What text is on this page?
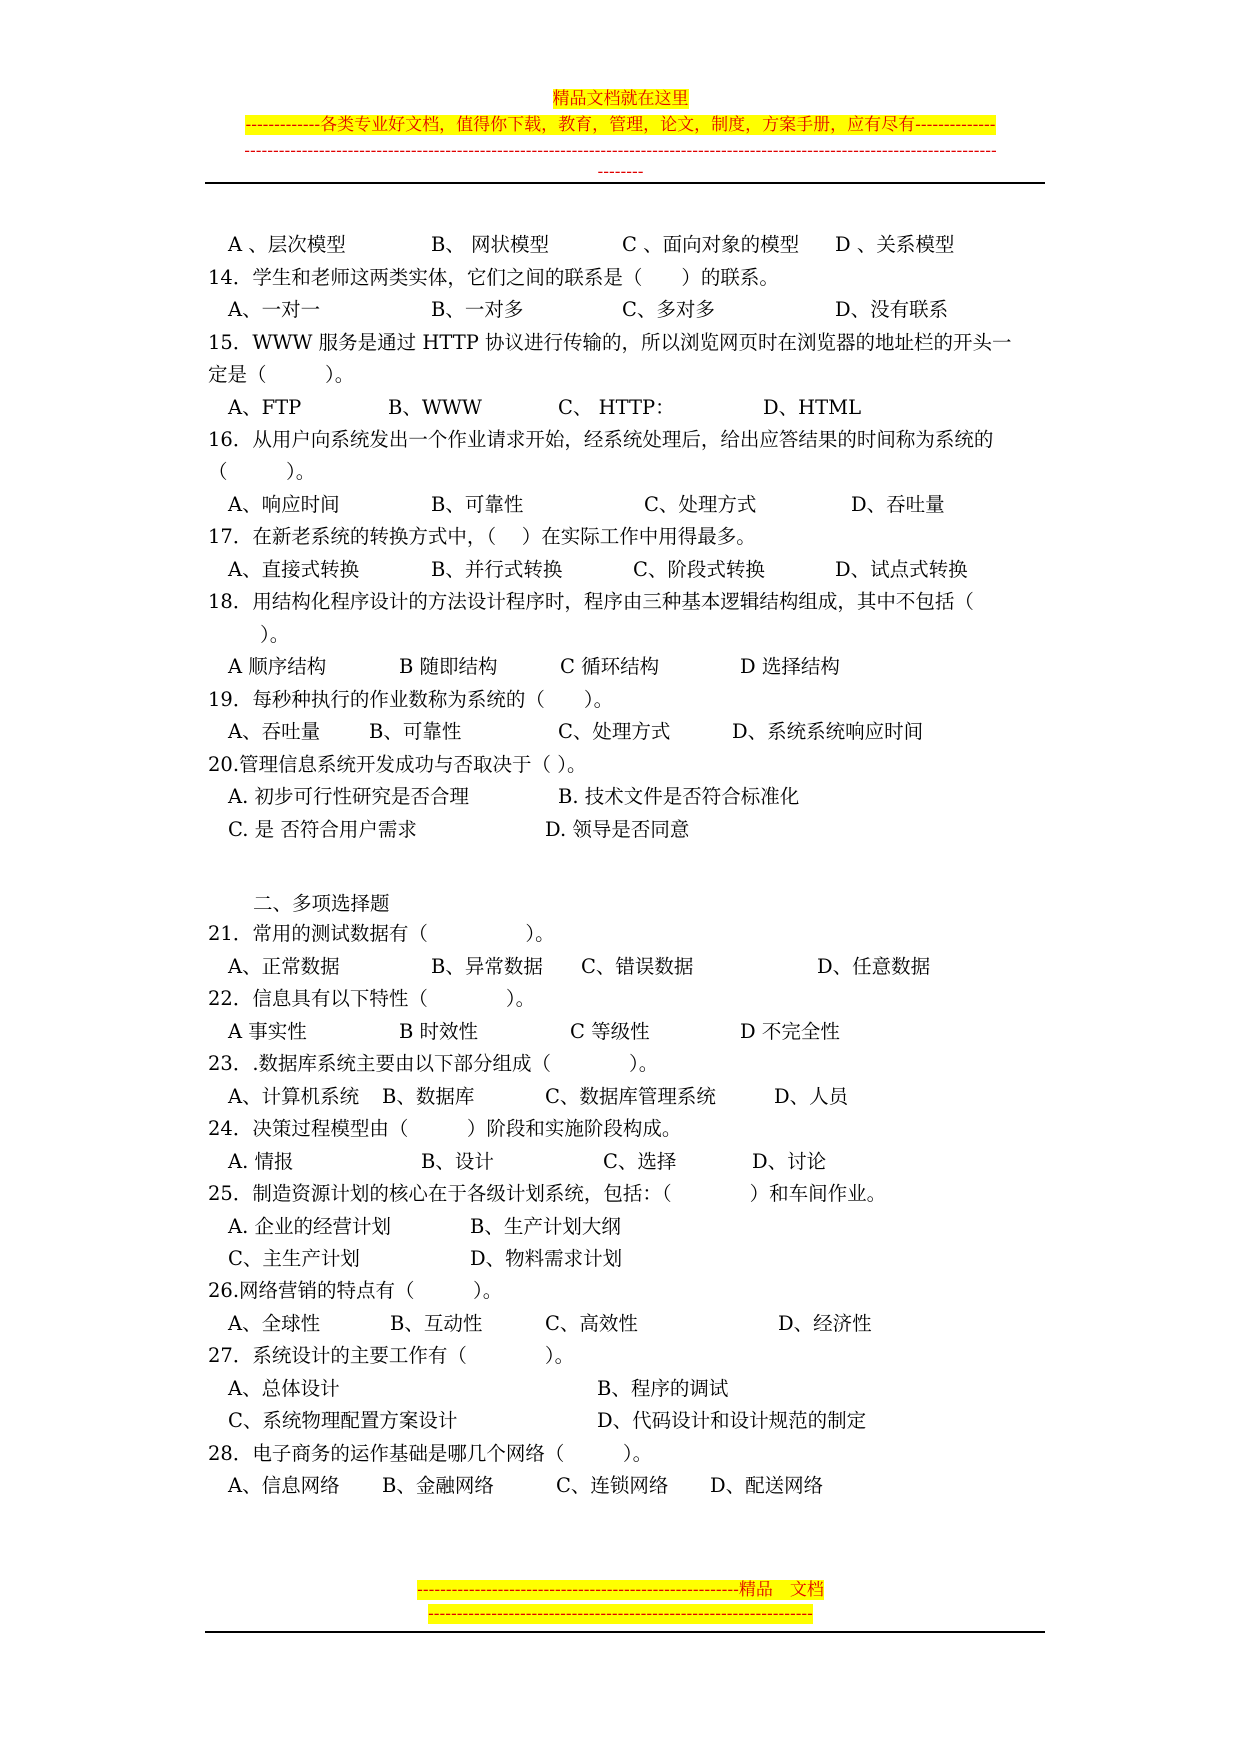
精品文档就在这里
-------------各类专业好文档，值得你下载，教育，管理，论文，制度，方案手册，应有尽有--------------
-----------------------------------------------------------------------------------------------------------------------------------
--------
A 、层次模型	B、 网状模型	C 、面向对象的模型 D 、关系模型
14．学生和老师这两类实体，它们之间的联系是（　　）的联系。
A、一对一	B、一对多	C、多对多	D、没有联系
15．WWW 服务是通过 HTTP 协议进行传输的，所以浏览网页时在浏览器的地址栏的开头一
定是（　　　）。
A、FTP	B、WWW	C、 HTTP：	D、HTML
16．从用户向系统发出一个作业请求开始，经系统处理后，给出应答结果的时间称为系统的
（　　　）。
A、响应时间	B、可靠性	C、处理方式	D、吞吐量
17．在新老系统的转换方式中，（　 ）在实际工作中用得最多。
A、直接式转换	B、并行式转换	C、阶段式转换	D、试点式转换
18．用结构化程序设计的方法设计程序时，程序由三种基本逻辑结构组成，其中不包括（
）。
A 顺序结构	B 随即结构	C 循环结构	D 选择结构
19．每秒种执行的作业数称为系统的（　　）。
A、吞吐量	B、可靠性	C、处理方式	D、系统系统响应时间
20.管理信息系统开发成功与否取决于（ ）。
A. 初步可行性研究是否合理	B. 技术文件是否符合标准化
C. 是 否符合用户需求	D. 领导是否同意
二、多项选择题
21．常用的测试数据有（　　　　　）。
A、正常数据	B、异常数据 C、错误数据	D、任意数据
22．信息具有以下特性（　　　　）。
A 事实性	B 时效性	C 等级性	D 不完全性
23．.数据库系统主要由以下部分组成（　　　　）。
A、计算机系统 B、数据库	C、数据库管理系统	D、人员
24．决策过程模型由（　　　）阶段和实施阶段构成。
A. 情报	B、设计	C、选择	D、讨论
25．制造资源计划的核心在于各级计划系统，包括：（　　　　）和车间作业。
A. 企业的经营计划	B、生产计划大纲
C、主生产计划	D、物料需求计划
26.网络营销的特点有（　　　）。
A、全球性	B、互动性	C、高效性	D、经济性
27．系统设计的主要工作有（　　　　）。
A、总体设计	B、程序的调试
C、系统物理配置方案设计	D、代码设计和设计规范的制定
28．电子商务的运作基础是哪几个网络（　　　）。
A、信息网络 B、金融网络	C、连锁网络 D、配送网络
--------------------------------------------------------精品　文档
-------------------------------------------------------------------
